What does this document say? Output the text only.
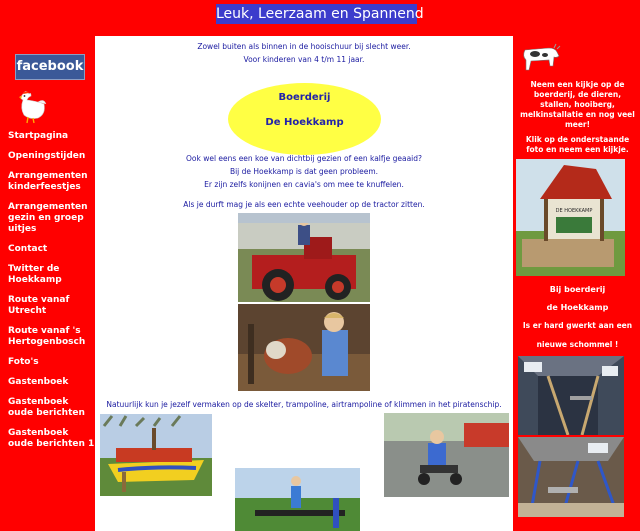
Leuk, Leerzaam en Spannend
facebook
Startpagina
Openingstijden
Arrangementen kinderfeestjes
Arrangementen gezin en groep uitjes
Contact
Twitter de Hoekkamp
Route vanaf Utrecht
Route vanaf 's Hertogenbosch
Foto's
Gastenboek
Gastenboek oude berichten
Gastenboek oude berichten 1
Zowel buiten als binnen in de hooischuur bij slecht weer.
Voor kinderen van 4 t/m 11 jaar.
Boerderij
De Hoekkamp
Ook wel eens een koe van dichtbij gezien of een kalfje geaaid?
Bij de Hoekkamp is dat geen probleem.
Er zijn zelfs konijnen en cavia's om mee te knuffelen.
Als je durft mag je als een echte veehouder op de tractor zitten.
Natuurlijk kun je jezelf vermaken op de skelter, trampoline, airtrampoline of klimmen in het piratenschip.
Neem een kijkje op de boerderij, de dieren, stallen, hooiberg, melkinstallatie en nog veel meer!
Klik op de onderstaande foto en neem een kijkje.
DE HOEKKAMP
Bij boerderij
de Hoekkamp
Is er hard gwerkt aan een
nieuwe schommel !
